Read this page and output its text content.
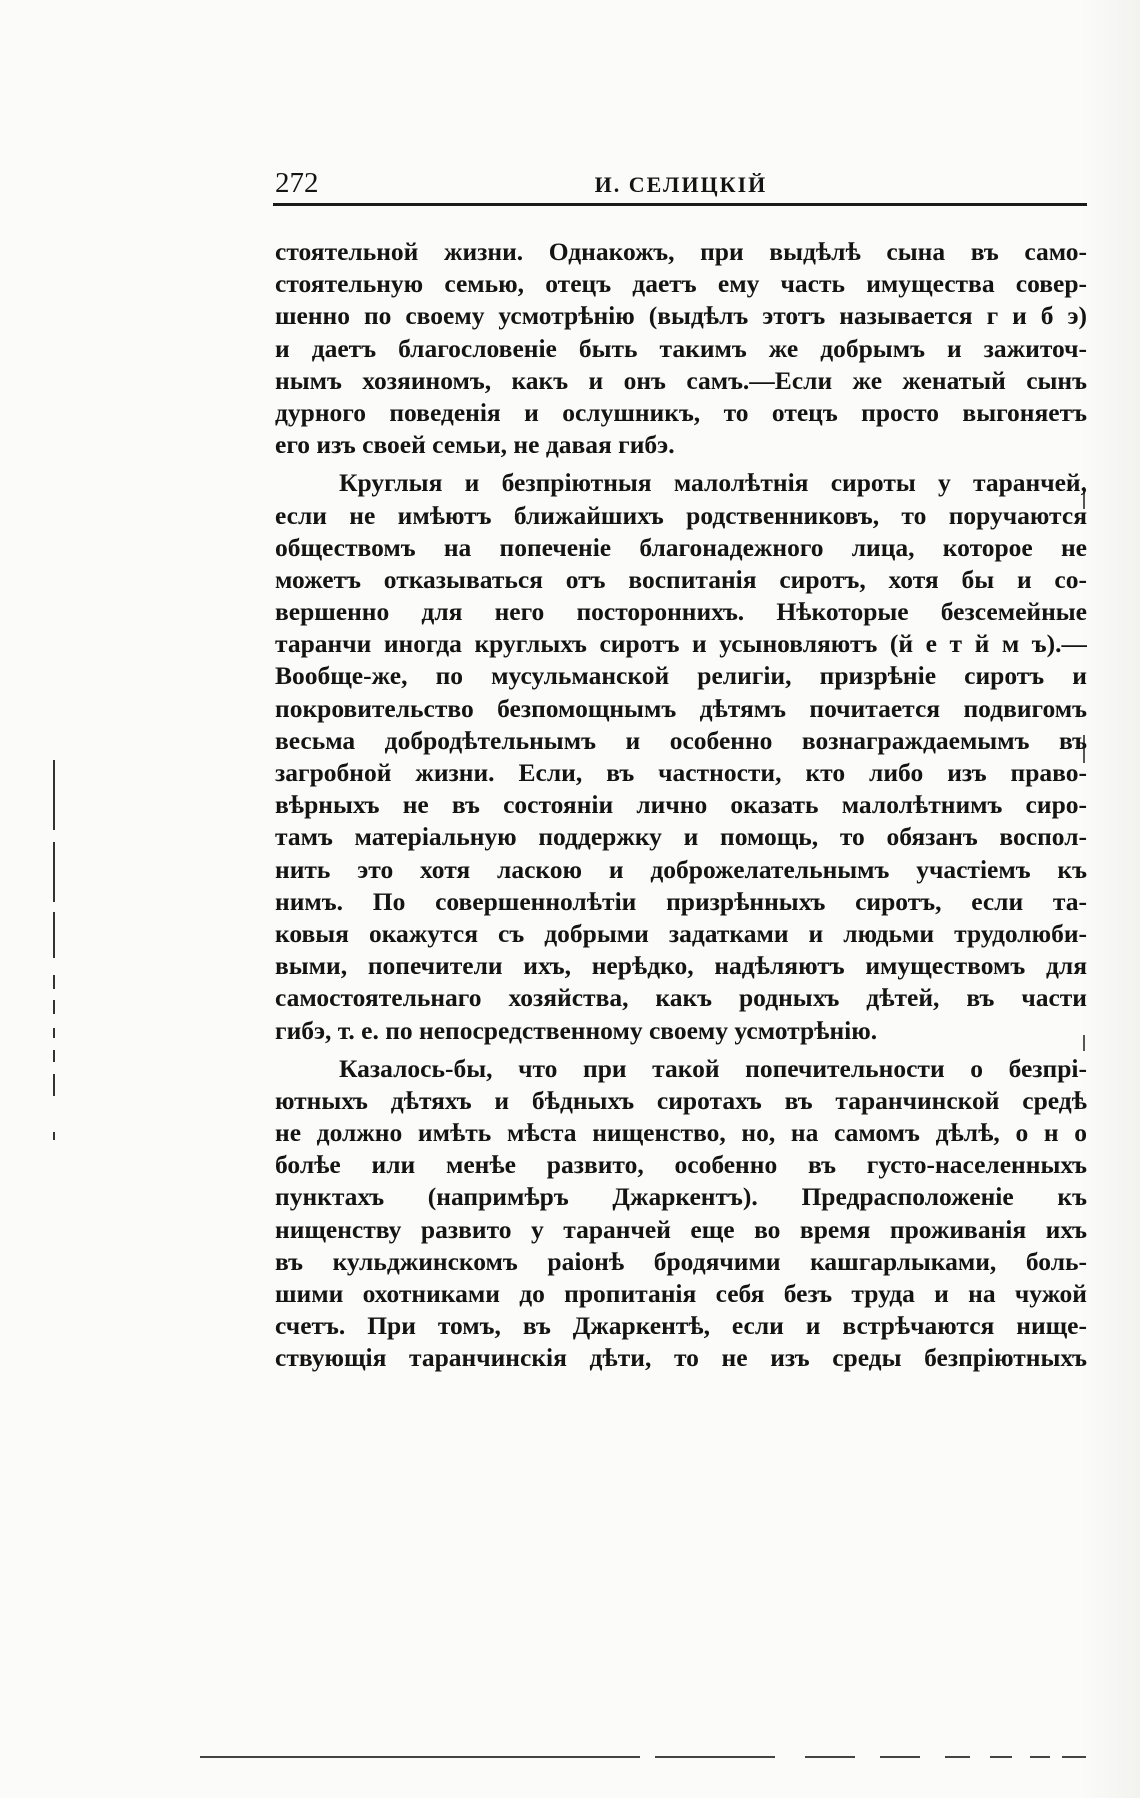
272	И. СЕЛИЦКІЙ
стоятельной жизни. Однакожъ, при выдѣлѣ сына въ само-
стоятельную семью, отецъ даетъ ему часть имущества совер-
шенно по своему усмотрѣнію (выдѣлъ этотъ называется г и б э)
и даетъ благословеніе быть такимъ же добрымъ и зажиточ-
нымъ хозяиномъ, какъ и онъ самъ.—Если же женатый сынъ
дурного поведенія и ослушникъ, то отецъ просто выгоняетъ
его изъ своей семьи, не давая гибэ.
Круглыя и безпріютныя малолѣтнія сироты у таранчей,
если не имѣютъ ближайшихъ родственниковъ, то поручаются
обществомъ на попеченіе благонадежного лица, которое не
можетъ отказываться отъ воспитанія сиротъ, хотя бы и со-
вершенно для него постороннихъ. Нѣкоторые безсемейные
таранчи иногда круглыхъ сиротъ и усыновляютъ (й е т й м ъ).—
Вообще-же, по мусульманской религіи, призрѣніе сиротъ и
покровительство безпомощнымъ дѣтямъ почитается подвигомъ
весьма добродѣтельнымъ и особенно вознаграждаемымъ въ
загробной жизни. Если, въ частности, кто либо изъ право-
вѣрныхъ не въ состояніи лично оказать малолѣтнимъ сиро-
тамъ матеріальную поддержку и помощь, то обязанъ воспол-
нить это хотя ласкою и доброжелательнымъ участіемъ къ
нимъ. По совершеннолѣтіи призрѣнныхъ сиротъ, если та-
ковыя окажутся съ добрыми задатками и людьми трудолюби-
выми, попечители ихъ, нерѣдко, надѣляютъ имуществомъ для
самостоятельнаго хозяйства, какъ родныхъ дѣтей, въ части
гибэ, т. е. по непосредственному своему усмотрѣнію.
Казалось-бы, что при такой попечительности о безпрі-
ютныхъ дѣтяхъ и бѣдныхъ сиротахъ въ таранчинской средѣ
не должно имѣть мѣста нищенство, но, на самомъ дѣлѣ, о н о
болѣе или менѣе развито, особенно въ густо-населенныхъ
пунктахъ (напримѣръ Джаркентъ). Предрасположеніе къ
нищенству развито у таранчей еще во время проживанія ихъ
въ кульджинскомъ раіонѣ бродячими кашгарлыками, боль-
шими охотниками до пропитанія себя безъ труда и на чужой
счетъ. При томъ, въ Джаркентѣ, если и встрѣчаются нище-
ствующія таранчинскія дѣти, то не изъ среды безпріютныхъ
